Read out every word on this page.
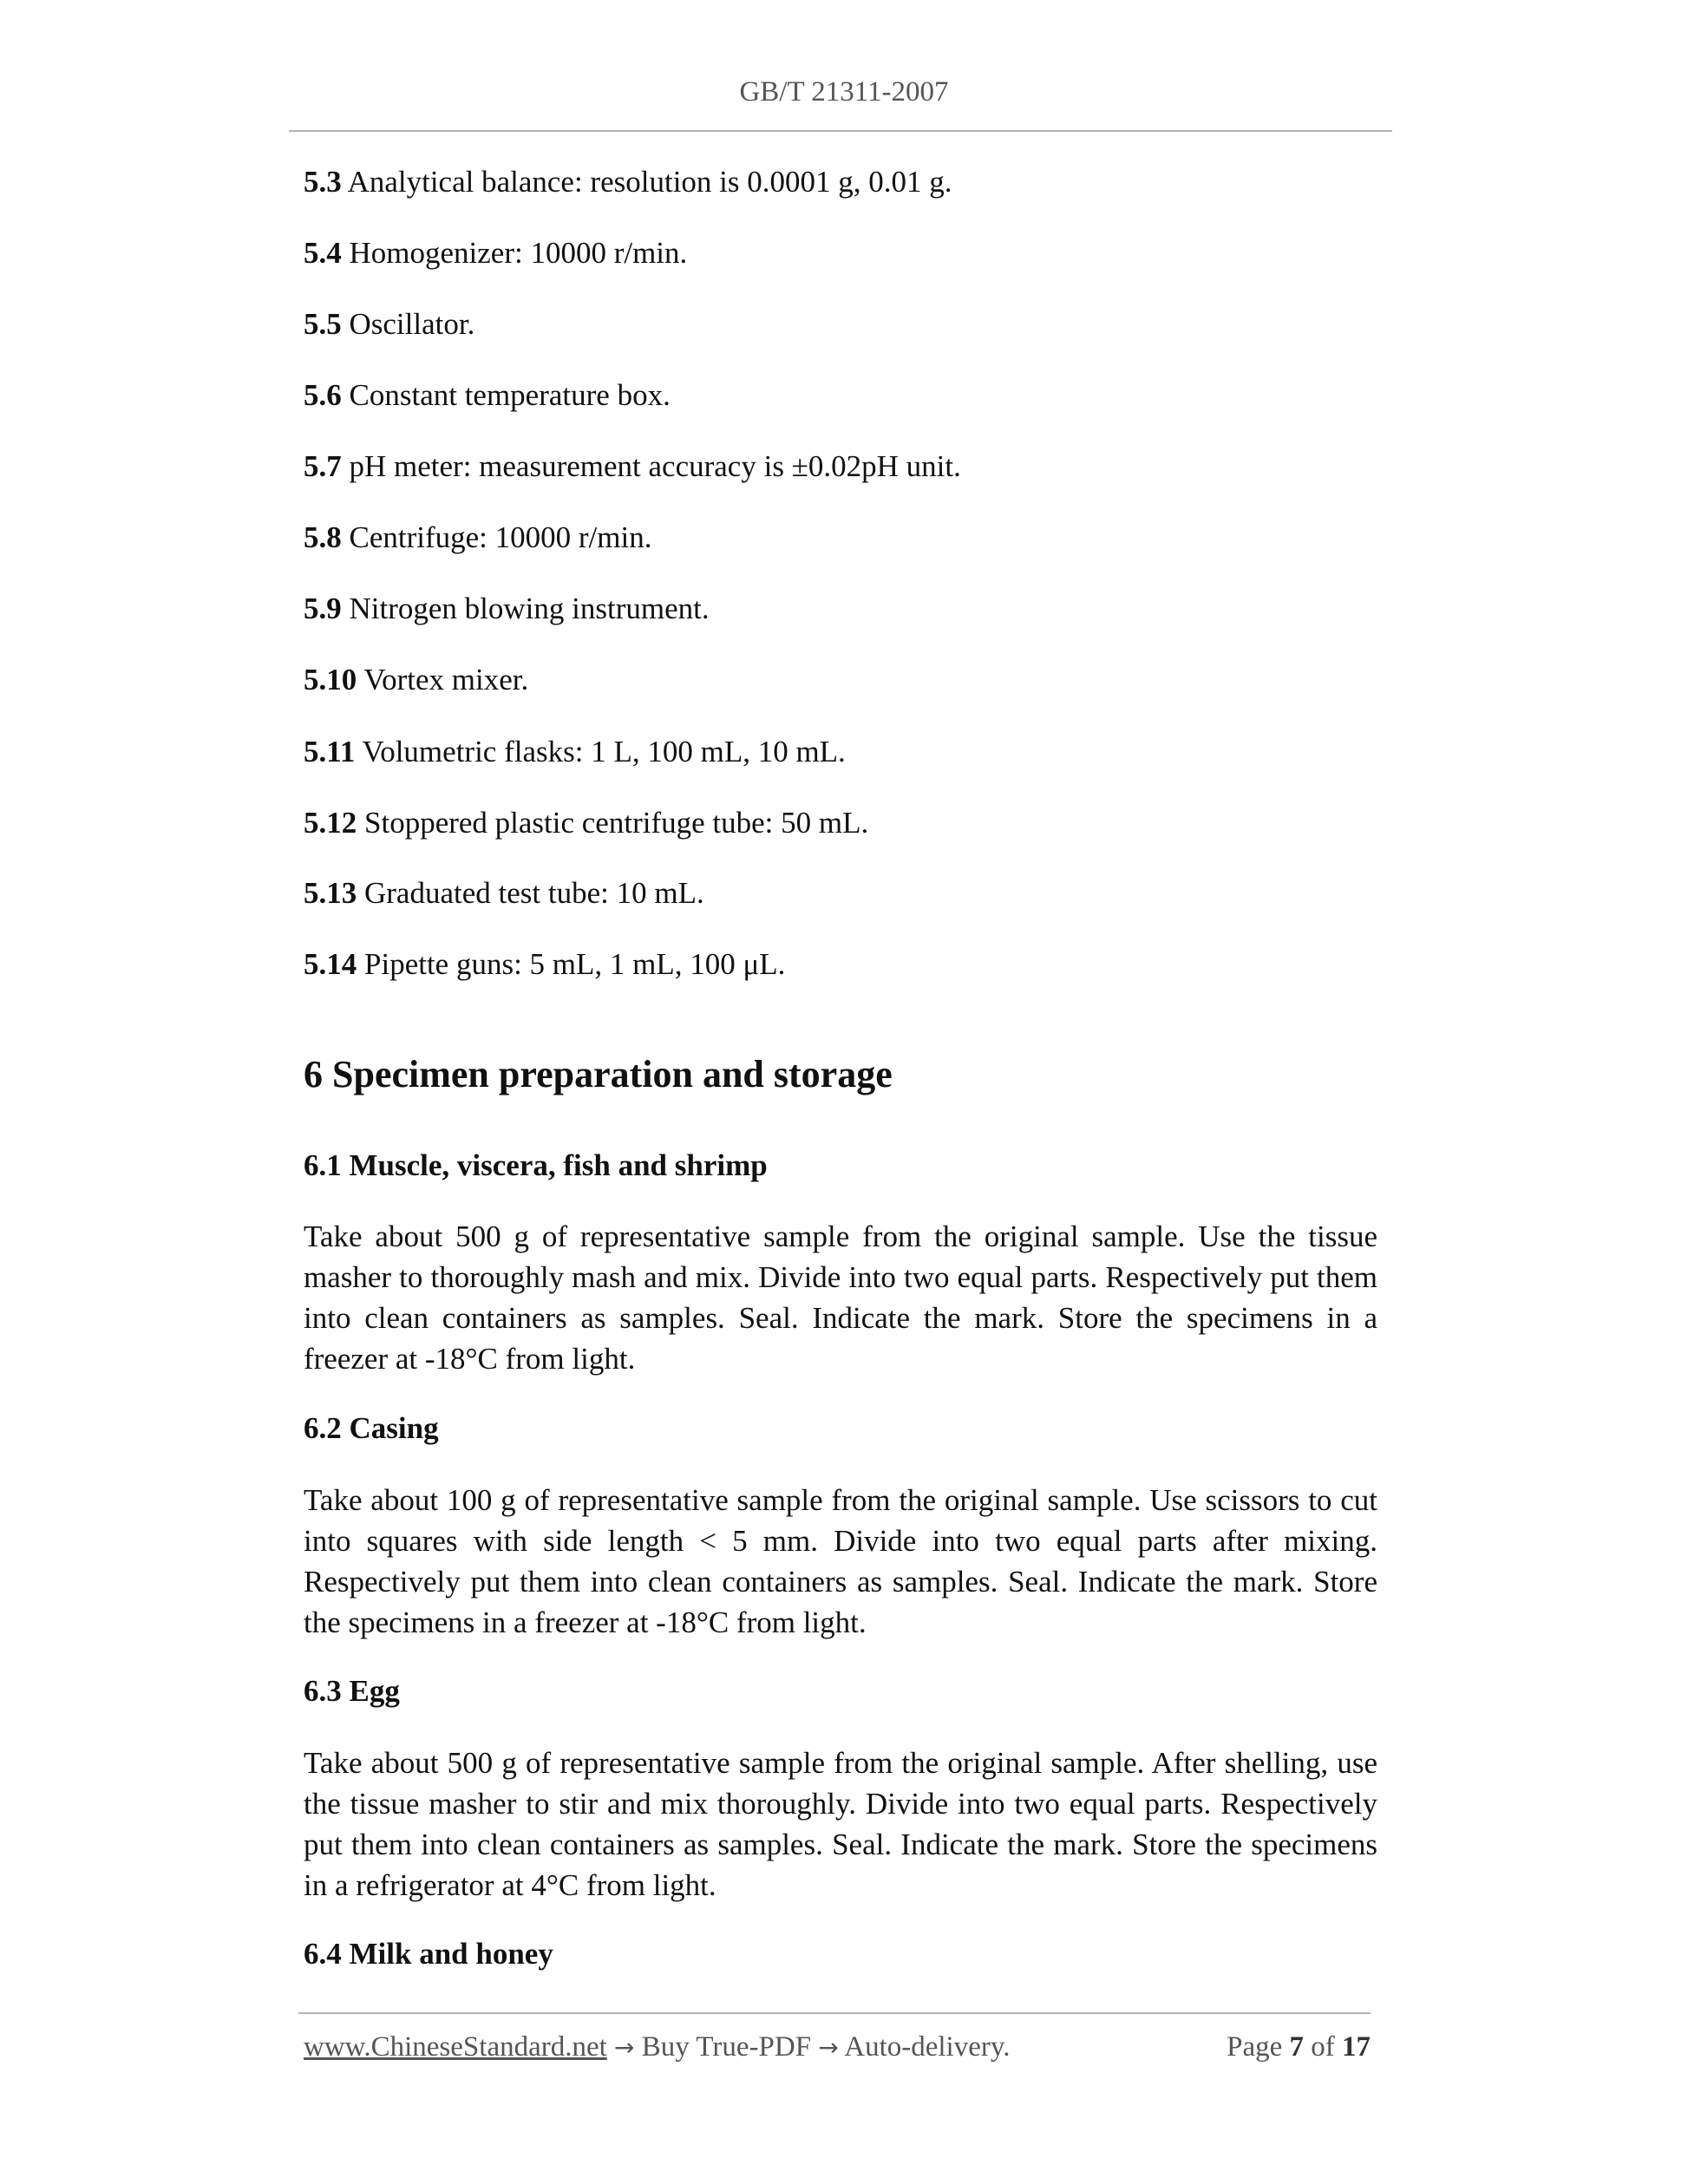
GB/T 21311-2007
5.3 Analytical balance: resolution is 0.0001 g, 0.01 g.
5.4 Homogenizer: 10000 r/min.
5.5 Oscillator.
5.6 Constant temperature box.
5.7 pH meter: measurement accuracy is ±0.02pH unit.
5.8 Centrifuge: 10000 r/min.
5.9 Nitrogen blowing instrument.
5.10 Vortex mixer.
5.11 Volumetric flasks: 1 L, 100 mL, 10 mL.
5.12 Stoppered plastic centrifuge tube: 50 mL.
5.13 Graduated test tube: 10 mL.
5.14 Pipette guns: 5 mL, 1 mL, 100 μL.
6 Specimen preparation and storage
6.1 Muscle, viscera, fish and shrimp
Take about 500 g of representative sample from the original sample. Use the tissue
masher to thoroughly mash and mix. Divide into two equal parts. Respectively put them
into clean containers as samples. Seal. Indicate the mark. Store the specimens in a
freezer at -18°C from light.
6.2 Casing
Take about 100 g of representative sample from the original sample. Use scissors to cut
into squares with side length < 5 mm. Divide into two equal parts after mixing.
Respectively put them into clean containers as samples. Seal. Indicate the mark. Store
the specimens in a freezer at -18°C from light.
6.3 Egg
Take about 500 g of representative sample from the original sample. After shelling, use
the tissue masher to stir and mix thoroughly. Divide into two equal parts. Respectively
put them into clean containers as samples. Seal. Indicate the mark. Store the specimens
in a refrigerator at 4°C from light.
6.4 Milk and honey
www.ChineseStandard.net → Buy True-PDF → Auto-delivery.	Page 7 of 17
